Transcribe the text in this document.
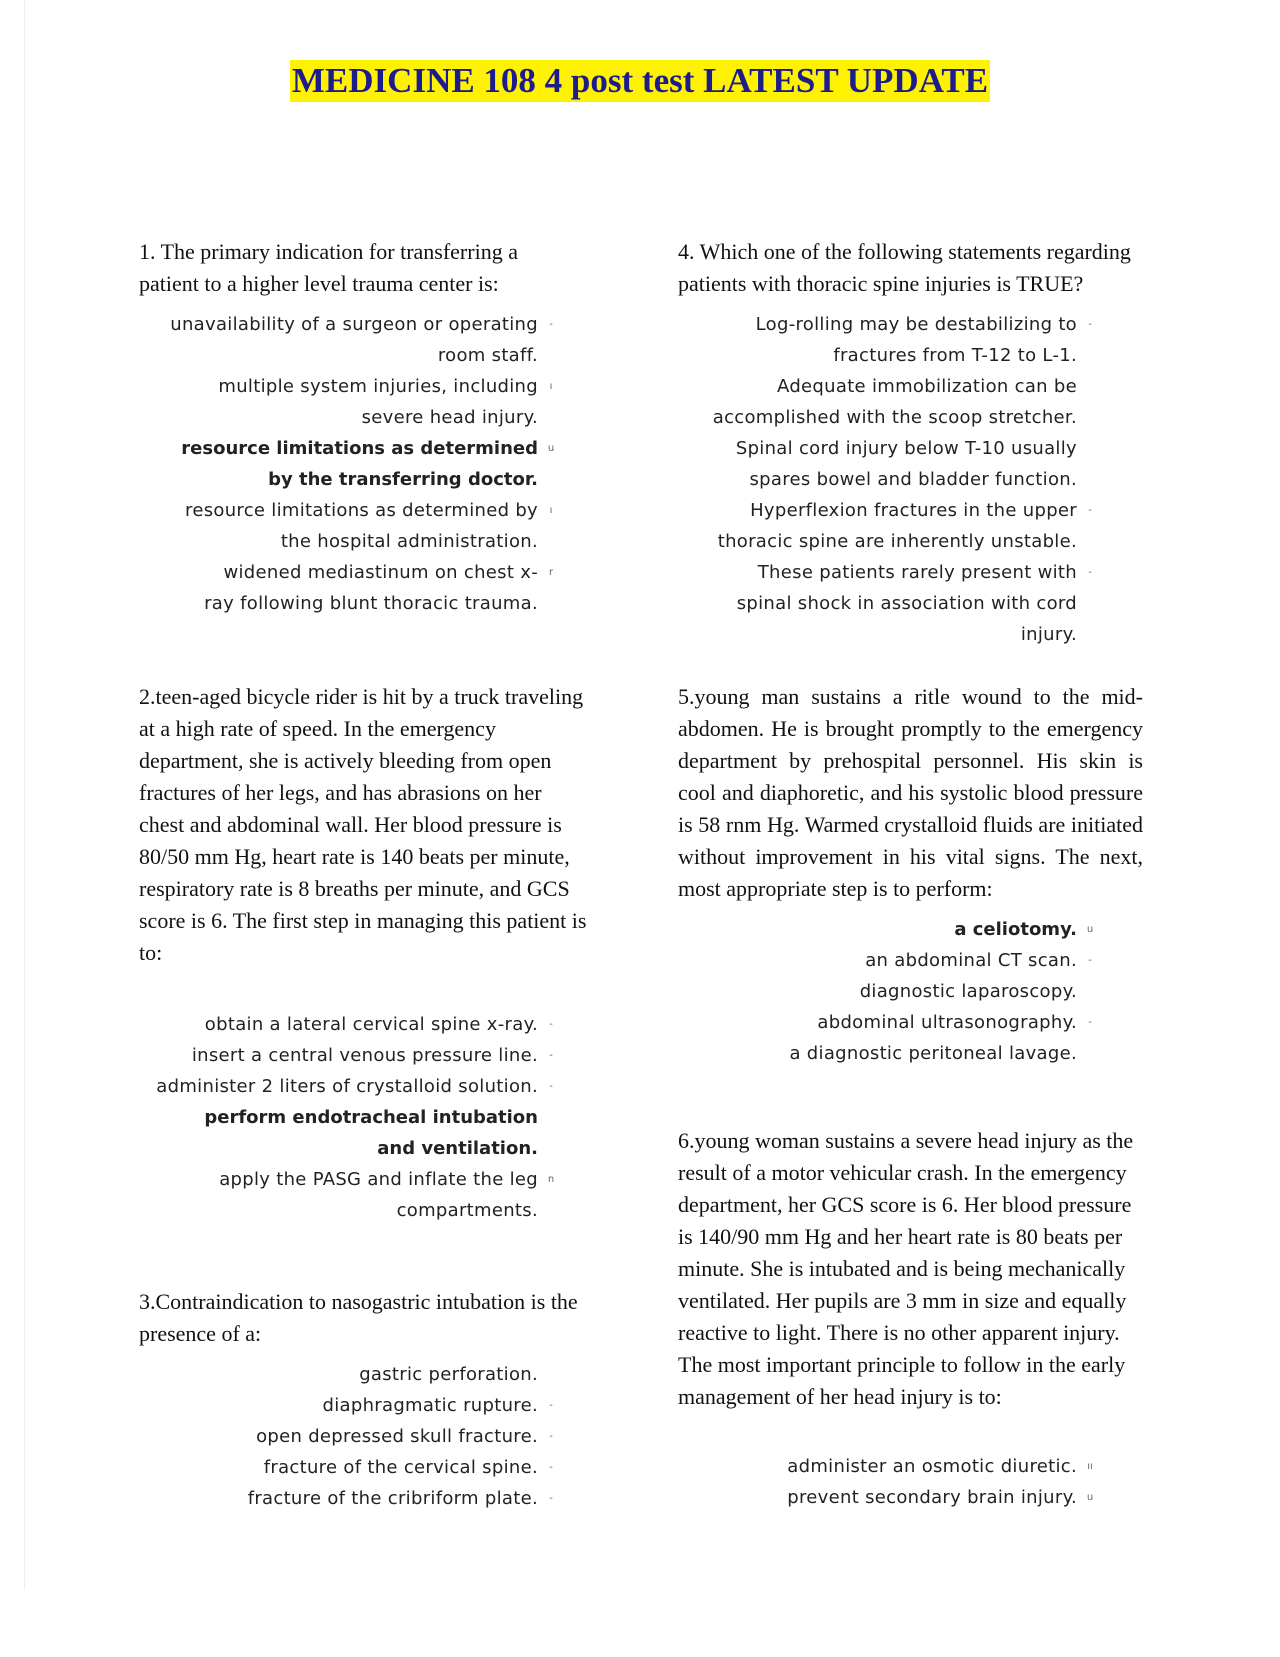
MEDICINE 108 4 post test LATEST UPDATE

1. The primary indication for transferring a patient to a higher level trauma center is:

unavailability of a surgeon or operating room staff.
-
multiple system injuries, including severe head injury.
ı
resource limitations as determined by the transferring doctor.
u
resource limitations as determined by the hospital administration.
ı
widened mediastinum on chest x-ray following blunt thoracic trauma.
r

2.teen-aged bicycle rider is hit by a truck traveling at a high rate of speed. In the emergency department, she is actively bleeding from open fractures of her legs, and has abrasions on her chest and abdominal wall. Her blood pressure is 80/50 mm Hg, heart rate is 140 beats per minute, respiratory rate is 8 breaths per minute, and GCS score is 6. The first step in managing this patient is to:

obtain a lateral cervical spine x-ray.	-
insert a central venous pressure line.	-
administer 2 liters of crystalloid solution.	-
perform endotracheal intubation and ventilation.
apply the PASG and inflate the leg compartments.
n

3.Contraindication to nasogastric intubation is the presence of a:

gastric perforation.
diaphragmatic rupture.	-
open depressed skull fracture.	-
fracture of the cervical spine.	-
fracture of the cribriform plate.	-

4. Which one of the following statements regarding patients with thoracic spine injuries is TRUE?

Log-rolling may be destabilizing to fractures from T-12 to L-1.
-
Adequate immobilization can be accomplished with the scoop stretcher.
Spinal cord injury below T-10 usually spares bowel and bladder function.
Hyperflexion fractures in the upper thoracic spine are inherently unstable.
-
These patients rarely present with spinal shock in association with cord injury.
-

5.young man sustains a ritle wound to the mid-abdomen. He is brought promptly to the emergency department by prehospital personnel. His skin is cool and diaphoretic, and his systolic blood pressure is 58 rnm Hg. Warmed crystalloid fluids are initiated without improvement in his vital signs. The next, most appropriate step is to perform:

a celiotomy. u
an abdominal CT scan.	-
diagnostic laparoscopy.
abdominal ultrasonography.	-
a diagnostic peritoneal lavage.

6.young woman sustains a severe head injury as the result of a motor vehicular crash. In the emergency department, her GCS score is 6. Her blood pressure is 140/90 mm Hg and her heart rate is 80 beats per minute. She is intubated and is being mechanically ventilated. Her pupils are 3 mm in size and equally reactive to light. There is no other apparent injury. The most important principle to follow in the early management of her head injury is to:

administer an osmotic diuretic.	ıı
prevent secondary brain injury. u
